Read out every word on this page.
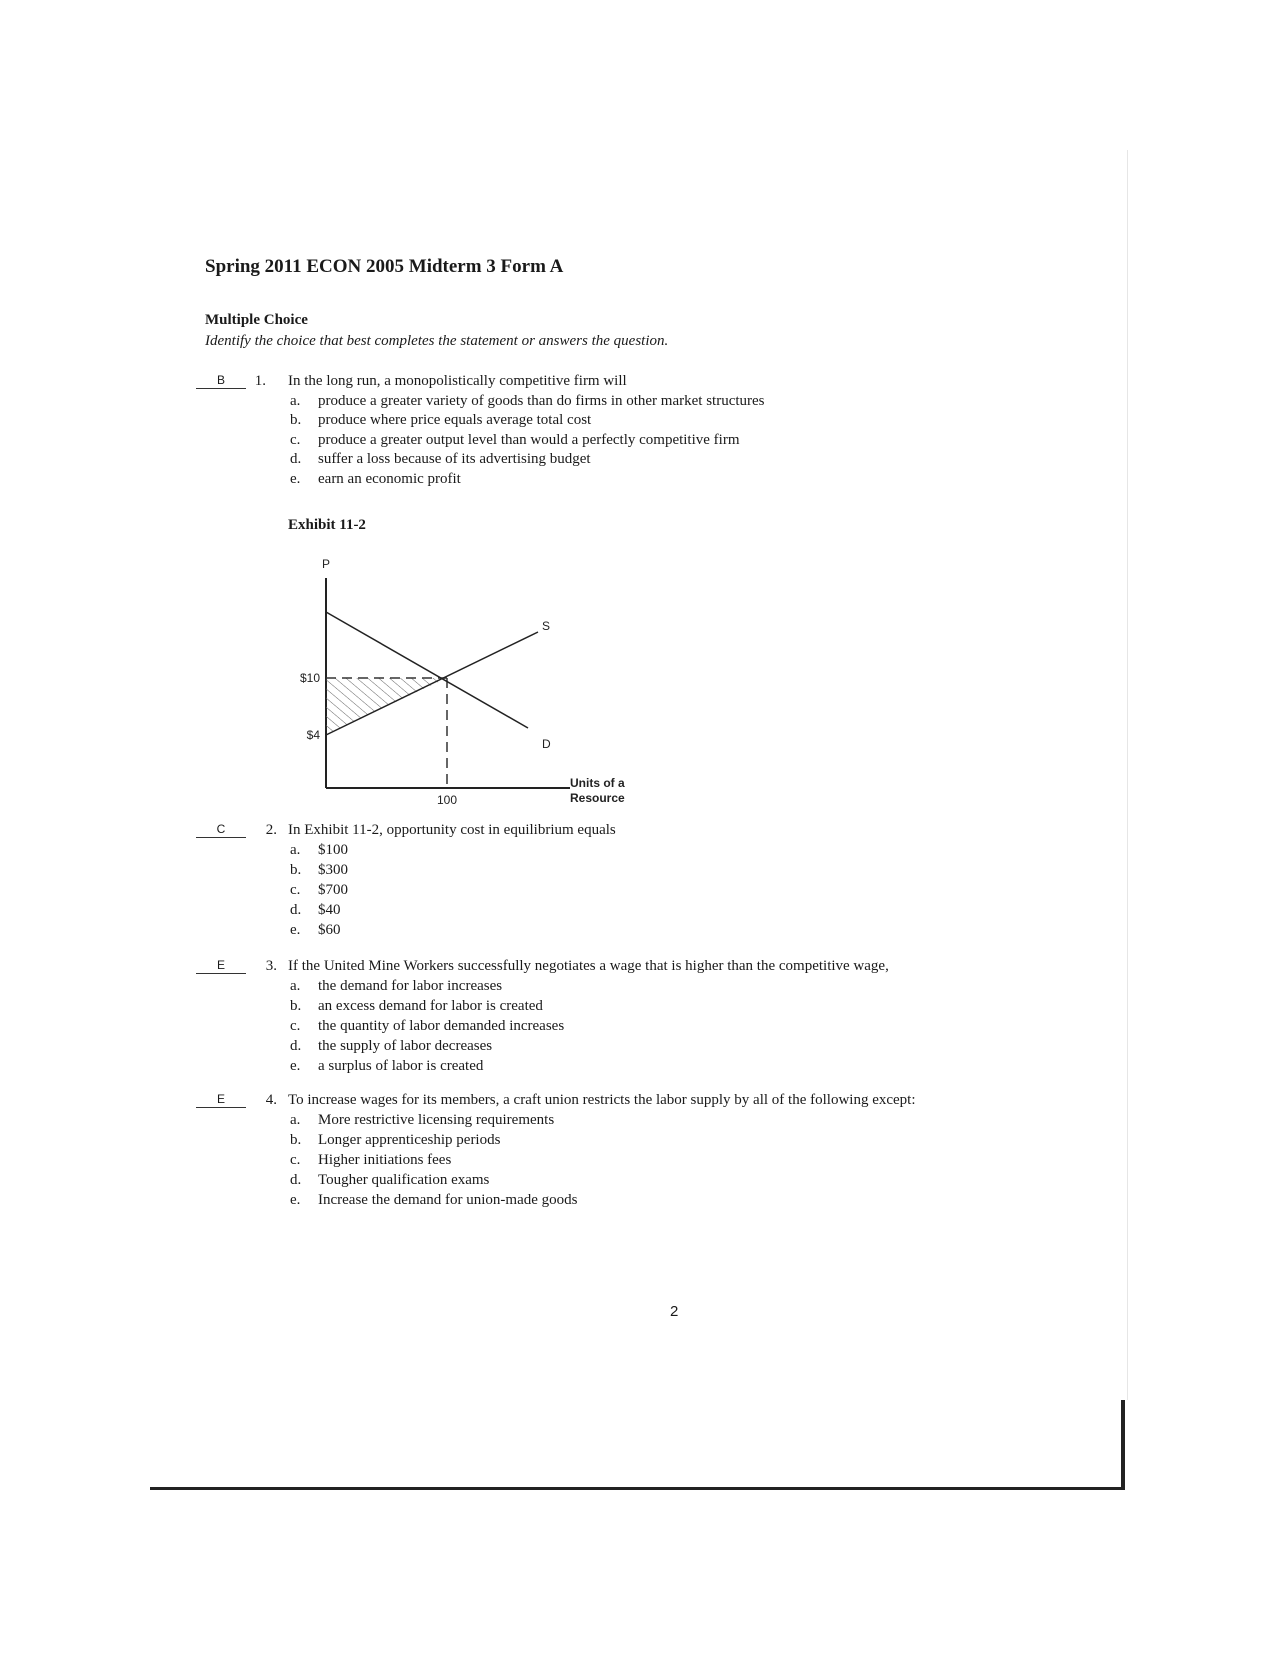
Spring 2011 ECON 2005 Midterm 3 Form A
Multiple Choice

Identify the choice that best completes the statement or answers the question.

B	1. In the long run, a monopolistically competitive firm will
a. produce a greater variety of goods than do firms in other market structures
b. produce where price equals average total cost
c. produce a greater output level than would a perfectly competitive firm
d. suffer a loss because of its advertising budget
e. earn an economic profit
Exhibit 11-2
P
S
D
$10
$4
100
Units of a
Resource
C	2. In Exhibit 11-2, opportunity cost in equilibrium equals
a. $100
b. $300
c. $700
d. $40
e. $60
E	3. If the United Mine Workers successfully negotiates a wage that is higher than the competitive wage,
a. the demand for labor increases
b. an excess demand for labor is created
c. the quantity of labor demanded increases
d. the supply of labor decreases
e. a surplus of labor is created
E	4. To increase wages for its members, a craft union restricts the labor supply by all of the following except:
a. More restrictive licensing requirements
b. Longer apprenticeship periods
c. Higher initiations fees
d. Tougher qualification exams
e. Increase the demand for union-made goods
2
